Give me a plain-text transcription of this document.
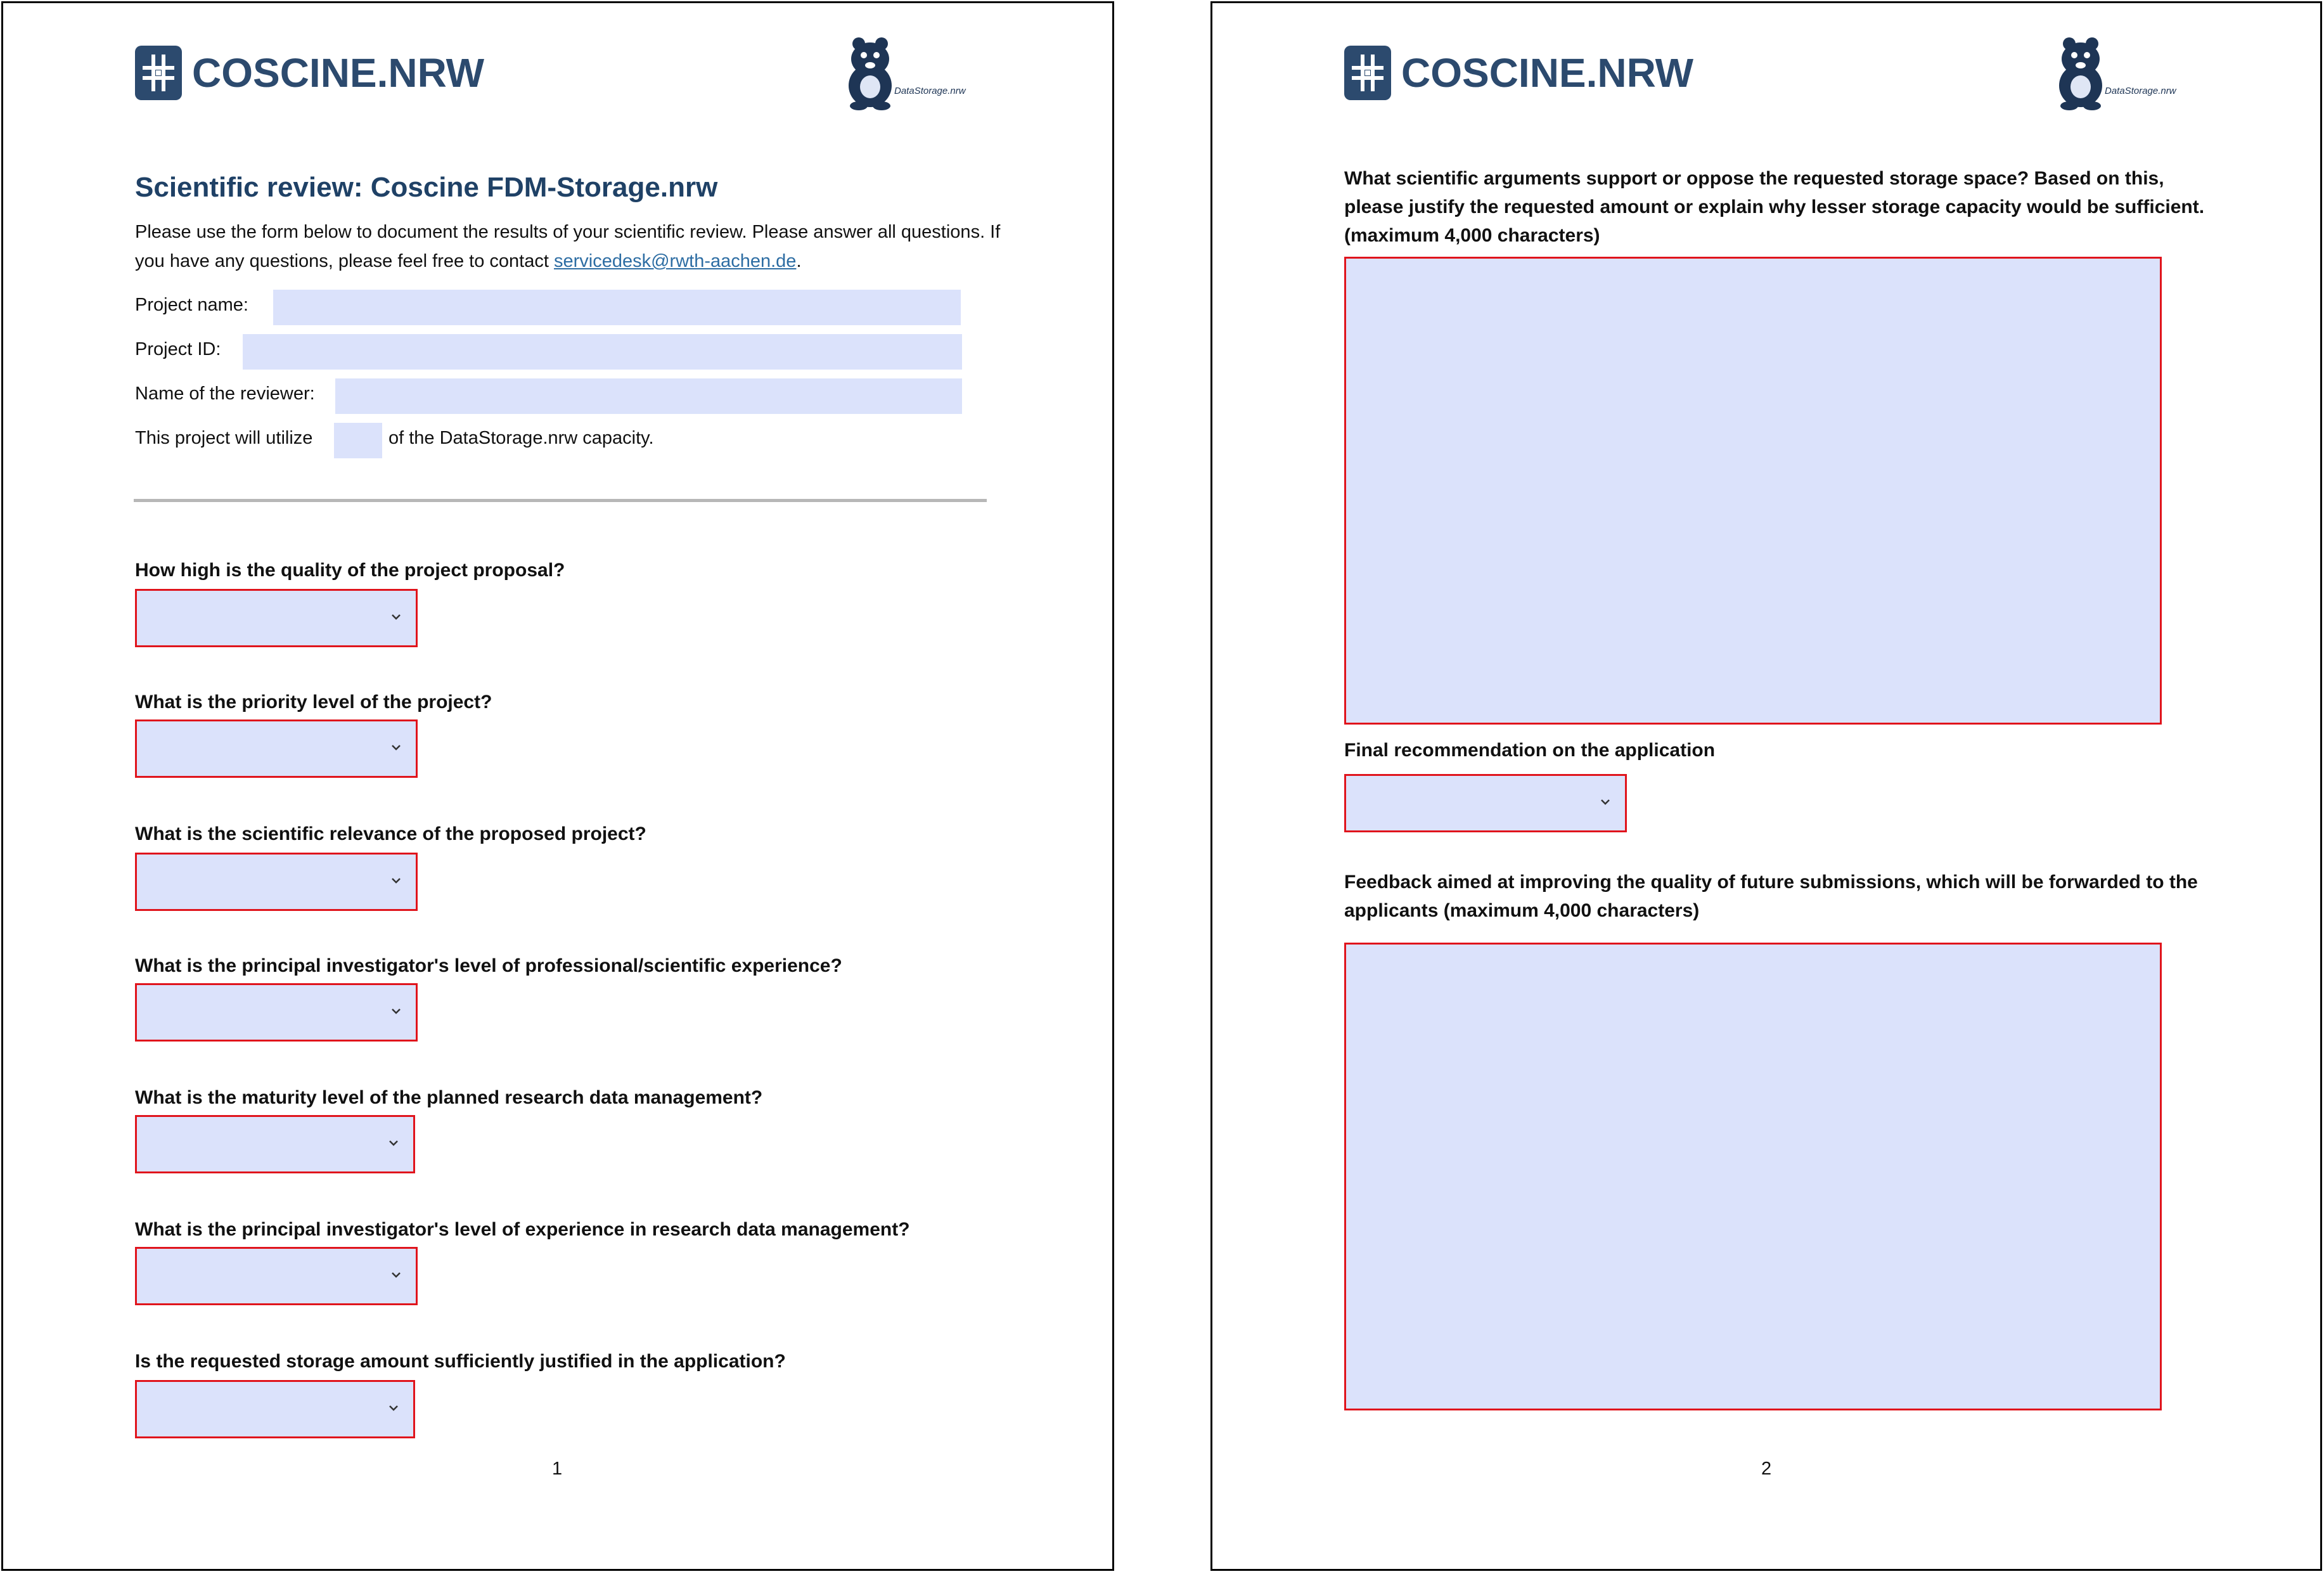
COSCINE.NRW	DataStorage.nrw
Scientific review: Coscine FDM-Storage.nrw
Please use the form below to document the results of your scientific review. Please answer all questions. If you have any questions, please feel free to contact servicedesk@rwth-aachen.de.
Project name:
Project ID:
Name of the reviewer:
This project will utilize	of the DataStorage.nrw capacity.
How high is the quality of the project proposal?
What is the priority level of the project?
What is the scientific relevance of the proposed project?
What is the principal investigator's level of professional/scientific experience?
What is the maturity level of the planned research data management?
What is the principal investigator's level of experience in research data management?
Is the requested storage amount sufficiently justified in the application?
1
COSCINE.NRW	DataStorage.nrw
What scientific arguments support or oppose the requested storage space? Based on this, please justify the requested amount or explain why lesser storage capacity would be sufficient. (maximum 4,000 characters)
Final recommendation on the application
Feedback aimed at improving the quality of future submissions, which will be forwarded to the applicants (maximum 4,000 characters)
2
